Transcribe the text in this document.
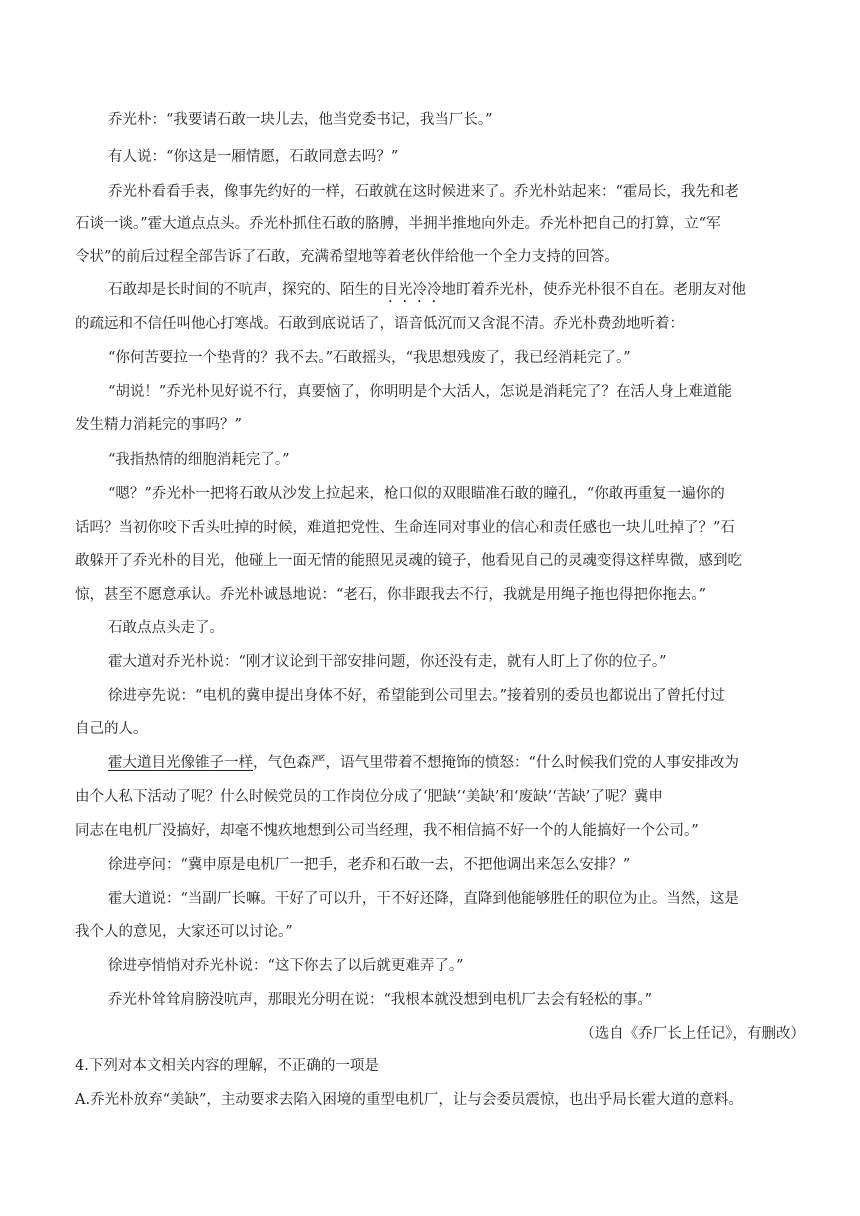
乔光朴：“我要请石敢一块儿去，他当党委书记，我当厂长。”
有人说：“你这是一厢情愿，石敢同意去吗？”
乔光朴看看手表，像事先约好的一样，石敢就在这时候进来了。乔光朴站起来：“霍局长，我先和老
石谈一谈。”霍大道点点头。乔光朴抓住石敢的胳膊，半拥半推地向外走。乔光朴把自己的打算，立“军
令状”的前后过程全部告诉了石敢，充满希望地等着老伙伴给他一个全力支持的回答。
石敢却是长时间的不吭声，探究的、陌生的目光冷冷地盯着乔光朴，使乔光朴很不自在。老朋友对他
的疏远和不信任叫他心打寒战。石敢到底说话了，语音低沉而又含混不清。乔光朴费劲地听着：
“你何苦要拉一个垫背的？我不去。”石敢摇头，“我思想残废了，我已经消耗完了。”
“胡说！”乔光朴见好说不行，真要恼了，你明明是个大活人，怎说是消耗完了？在活人身上难道能
发生精力消耗完的事吗？”
“我指热情的细胞消耗完了。”
“嗯？”乔光朴一把将石敢从沙发上拉起来，枪口似的双眼瞄准石敢的瞳孔，“你敢再重复一遍你的
话吗？当初你咬下舌头吐掉的时候，难道把党性、生命连同对事业的信心和责任感也一块儿吐掉了？”石
敢躲开了乔光朴的目光，他碰上一面无情的能照见灵魂的镜子，他看见自己的灵魂变得这样卑微，感到吃
惊，甚至不愿意承认。乔光朴诚恳地说：“老石，你非跟我去不行，我就是用绳子拖也得把你拖去。”
石敢点点头走了。
霍大道对乔光朴说：“刚才议论到干部安排问题，你还没有走，就有人盯上了你的位子。”
徐进亭先说：“电机的冀申提出身体不好，希望能到公司里去。”接着别的委员也都说出了曾托付过
自己的人。
霍大道目光像锥子一样，气色森严，语气里带着不想掩饰的愤怒：“什么时候我们党的人事安排改为
由个人私下活动了呢？什么时候党员的工作岗位分成了‘肥缺’‘美缺’和‘废缺’‘苦缺’了呢？冀申
同志在电机厂没搞好，却毫不愧疚地想到公司当经理，我不相信搞不好一个的人能搞好一个公司。”
徐进亭问：“冀申原是电机厂一把手，老乔和石敢一去，不把他调出来怎么安排？”
霍大道说：“当副厂长嘛。干好了可以升，干不好还降，直降到他能够胜任的职位为止。当然，这是
我个人的意见，大家还可以讨论。”
徐进亭悄悄对乔光朴说：“这下你去了以后就更难弄了。”
乔光朴耸耸肩膀没吭声，那眼光分明在说：“我根本就没想到电机厂去会有轻松的事。”
（选自《乔厂长上任记》，有删改）
4.下列对本文相关内容的理解，不正确的一项是
A.乔光朴放弃“美缺”，主动要求去陷入困境的重型电机厂，让与会委员震惊，也出乎局长霍大道的意料。
